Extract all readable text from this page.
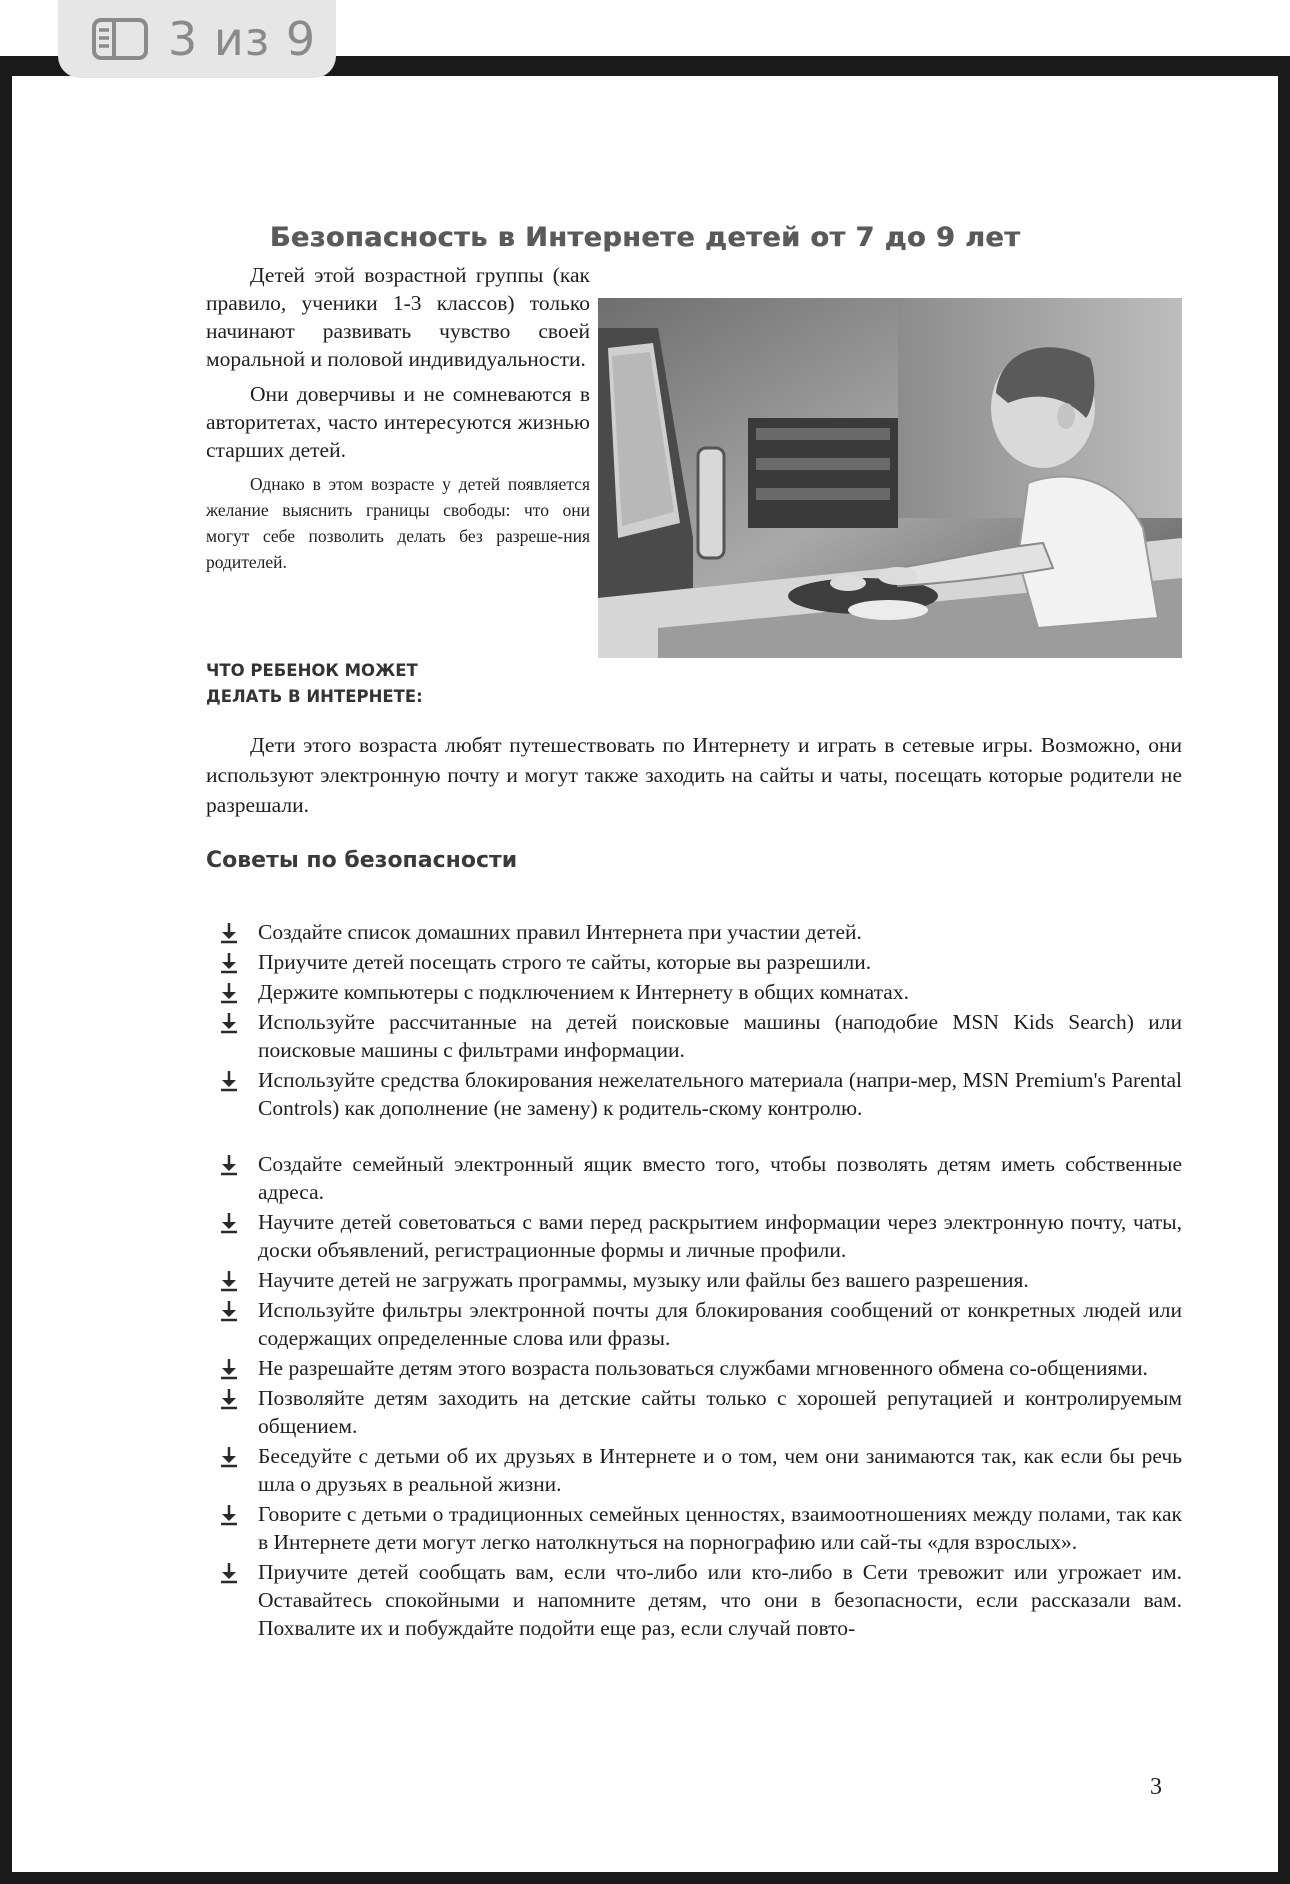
3 из 9
Безопасность в Интернете детей от 7 до 9 лет

Детей этой возрастной группы (как правило, ученики 1-3 классов) только начинают развивать чувство своей моральной и половой индивидуальности.

Они доверчивы и не сомневаются в авторитетах, часто интересуются жизнью старших детей.

Однако в этом возрасте у детей появляется желание выяснить границы свободы: что они могут себе позволить делать без разреше-ния родителей.

ЧТО РЕБЕНОК МОЖЕТ
ДЕЛАТЬ В ИНТЕРНЕТЕ:

Дети этого возраста любят путешествовать по Интернету и играть в сетевые игры. Возможно, они используют электронную почту и могут также заходить на сайты и чаты, посещать которые родители не разрешали.

Советы по безопасности
Создайте список домашних правил Интернета при участии детей.
Приучите детей посещать строго те сайты, которые вы разрешили.
Держите компьютеры с подключением к Интернету в общих комнатах.
Используйте рассчитанные на детей поисковые машины (наподобие MSN Kids Search) или поисковые машины с фильтрами информации.
Используйте средства блокирования нежелательного материала (напри-мер, MSN Premium's Parental Controls) как дополнение (не замену) к родитель-скому контролю.
Создайте семейный электронный ящик вместо того, чтобы позволять детям иметь собственные адреса.
Научите детей советоваться с вами перед раскрытием информации через электронную почту, чаты, доски объявлений, регистрационные формы и личные профили.
Научите детей не загружать программы, музыку или файлы без вашего разрешения.
Используйте фильтры электронной почты для блокирования сообщений от конкретных людей или содержащих определенные слова или фразы.
Не разрешайте детям этого возраста пользоваться службами мгновенного обмена со-общениями.
Позволяйте детям заходить на детские сайты только с хорошей репутацией и контролируемым общением.
Беседуйте с детьми об их друзьях в Интернете и о том, чем они занимаются так, как если бы речь шла о друзьях в реальной жизни.
Говорите с детьми о традиционных семейных ценностях, взаимоотношениях между полами, так как в Интернете дети могут легко натолкнуться на порнографию или сай-ты «для взрослых».
Приучите детей сообщать вам, если что-либо или кто-либо в Сети тревожит или угрожает им. Оставайтесь спокойными и напомните детям, что они в безопасности, если рассказали вам. Похвалите их и побуждайте подойти еще раз, если случай повто-
3
